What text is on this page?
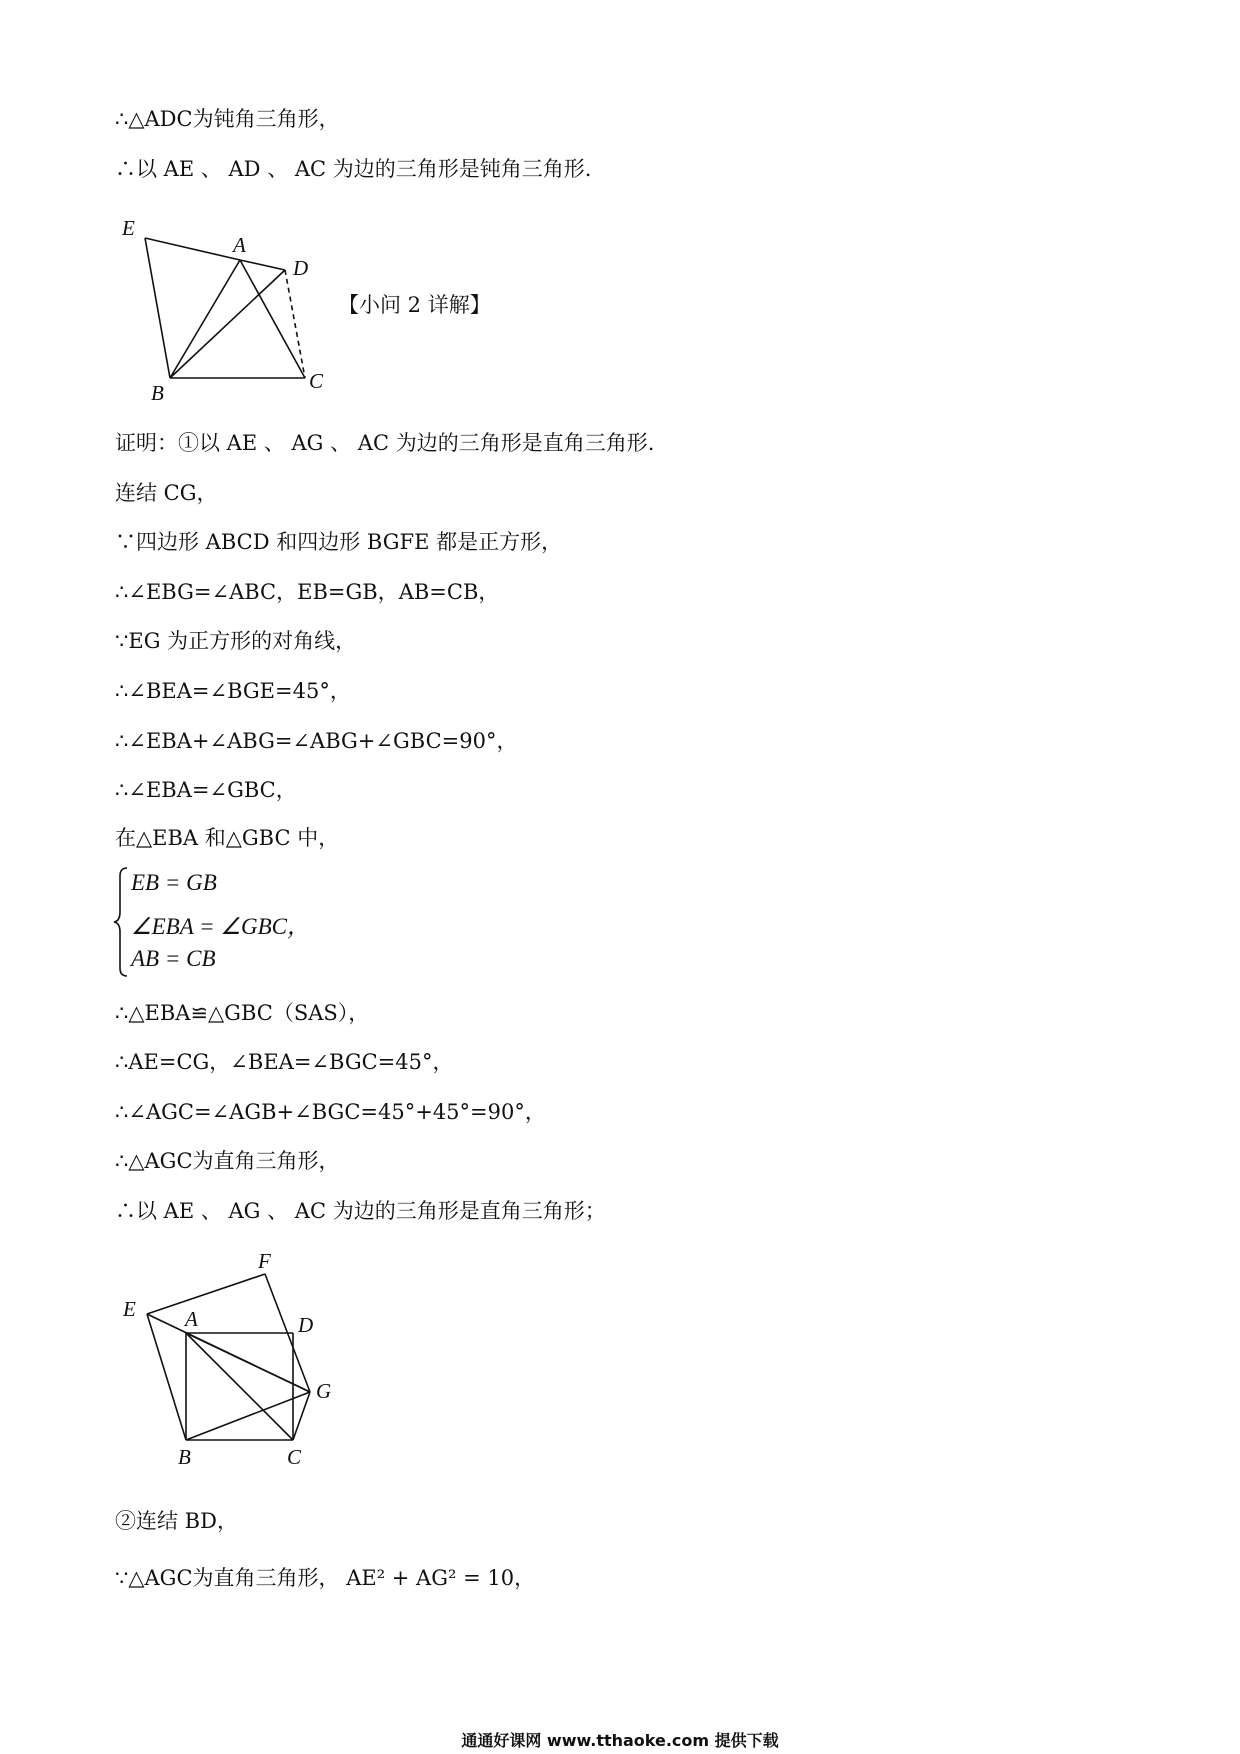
∴△ADC为钝角三角形，
∴以 AE 、 AD 、 AC 为边的三角形是钝角三角形.
E
A
D
B	C
【小问 2 详解】
证明：①以 AE 、 AG 、 AC 为边的三角形是直角三角形.
连结 CG，
∵四边形 ABCD 和四边形 BGFE 都是正方形，
∴∠EBG=∠ABC，EB=GB，AB=CB，
∵EG 为正方形的对角线，
∴∠BEA=∠BGE=45°，
∴∠EBA+∠ABG=∠ABG+∠GBC=90°，
∴∠EBA=∠GBC，
在△EBA 和△GBC 中，
EB = GB
∠EBA = ∠GBC，
AB = CB
∴△EBA≌△GBC（SAS），
∴AE=CG，∠BEA=∠BGC=45°，
∴∠AGC=∠AGB+∠BGC=45°+45°=90°，
∴△AGC为直角三角形，
∴以 AE 、 AG 、 AC 为边的三角形是直角三角形；
F
E A	D
G
B	C
②连结 BD，
∵△AGC为直角三角形， AE² + AG² = 10，
通通好课网 www.tthaoke.com 提供下载
